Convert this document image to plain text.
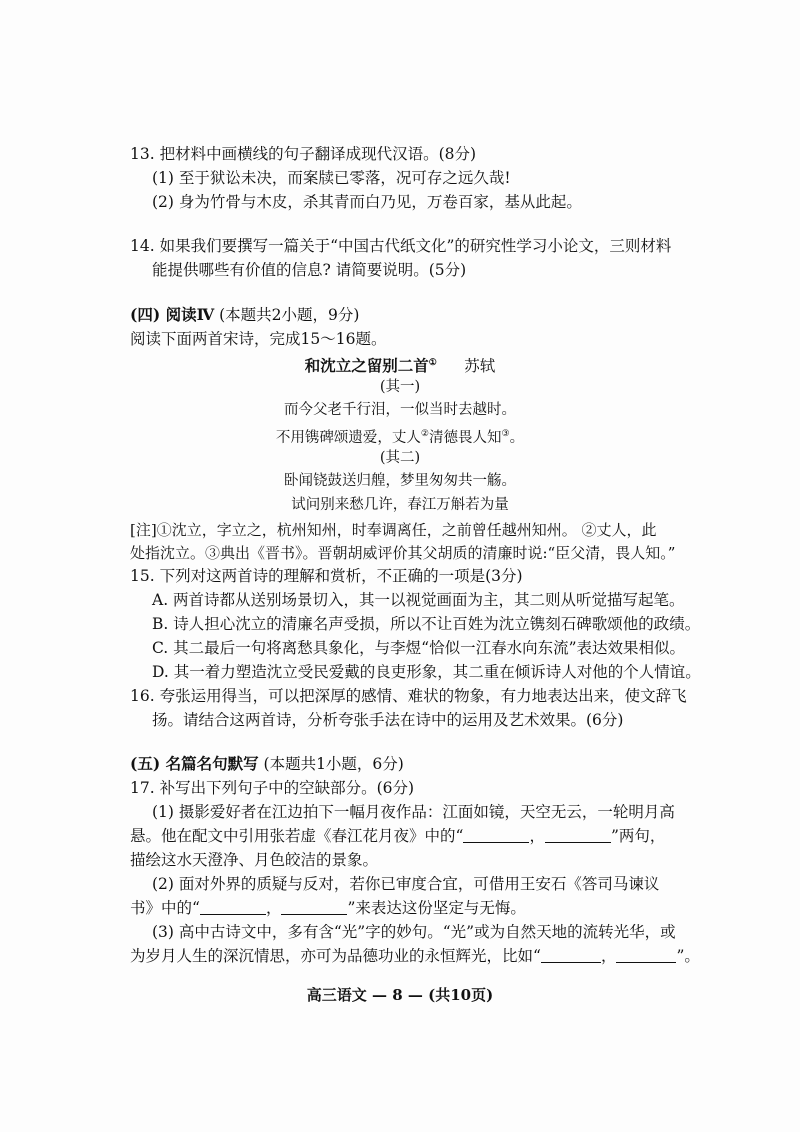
13. 把材料中画横线的句子翻译成现代汉语。(8分)
(1) 至于狱讼未决，而案牍已零落，况可存之远久哉!
(2) 身为竹骨与木皮，杀其青而白乃见，万卷百家，基从此起。
14. 如果我们要撰写一篇关于“中国古代纸文化”的研究性学习小论文，三则材料
能提供哪些有价值的信息? 请简要说明。(5分)
(四) 阅读Ⅳ (本题共2小题，9分)
阅读下面两首宋诗，完成15～16题。
和沈立之留别二首① 苏轼
(其一)
而今父老千行泪，一似当时去越时。
不用镌碑颂遗爱，丈人②清德畏人知③。
(其二)
卧闻铙鼓送归艎，梦里匆匆共一觞。
试问别来愁几许，春江万斛若为量
[注]①沈立，字立之，杭州知州，时奉调离任，之前曾任越州知州。 ②丈人，此
处指沈立。③典出《晋书》。晋朝胡威评价其父胡质的清廉时说:“臣父清，畏人知。”
15. 下列对这两首诗的理解和赏析，不正确的一项是(3分)
A. 两首诗都从送别场景切入，其一以视觉画面为主，其二则从听觉描写起笔。
B. 诗人担心沈立的清廉名声受损，所以不让百姓为沈立镌刻石碑歌颂他的政绩。
C. 其二最后一句将离愁具象化，与李煜“恰似一江春水向东流”表达效果相似。
D. 其一着力塑造沈立受民爱戴的良吏形象，其二重在倾诉诗人对他的个人情谊。
16. 夸张运用得当，可以把深厚的感情、难状的物象，有力地表达出来，使文辞飞
扬。请结合这两首诗，分析夸张手法在诗中的运用及艺术效果。(6分)
(五) 名篇名句默写 (本题共1小题，6分)
17. 补写出下列句子中的空缺部分。(6分)
(1) 摄影爱好者在江边拍下一幅月夜作品：江面如镜，天空无云，一轮明月高
悬。他在配文中引用张若虚《春江花月夜》中的“	，	”两句，
描绘这水天澄净、月色皎洁的景象。
(2) 面对外界的质疑与反对，若你已审度合宜，可借用王安石《答司马谏议
书》中的“	，	”来表达这份坚定与无悔。
(3) 高中古诗文中，多有含“光”字的妙句。“光”或为自然天地的流转光华，或
为岁月人生的深沉情思，亦可为品德功业的永恒辉光，比如“	，	”。
高三语文 — 8 — (共10页)
